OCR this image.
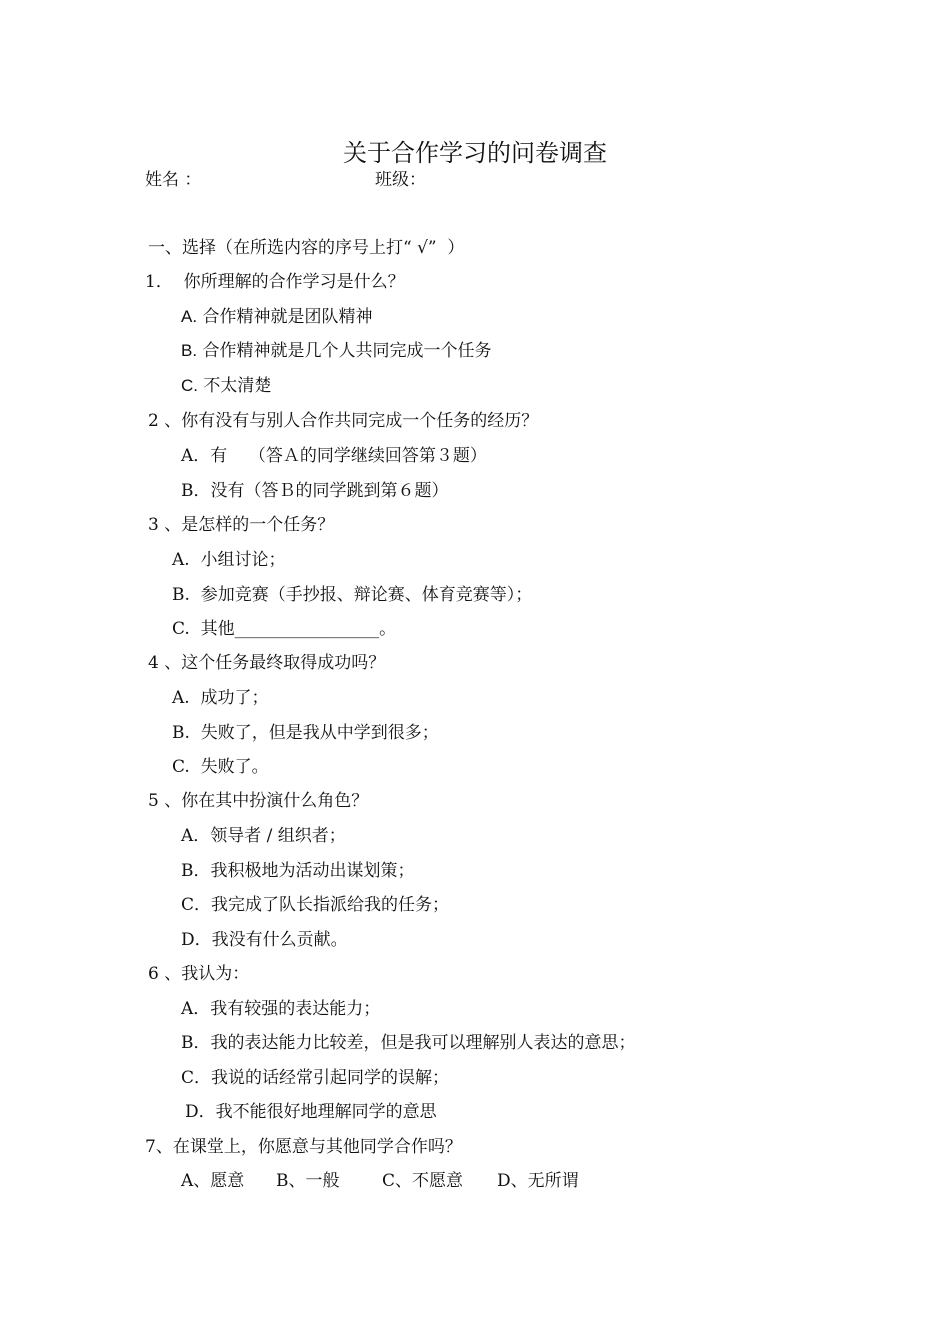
关于合作学习的问卷调查
姓名 ：	班级：
一、选择（在所选内容的序号上打“ √”  ）
1．  你所理解的合作学习是什么？
A. 合作精神就是团队精神
B. 合作精神就是几个人共同完成一个任务
C. 不太清楚
2 、你有没有与别人合作共同完成一个任务的经历？
A．有    （答Ａ的同学继续回答第３题）
B．没有（答Ｂ的同学跳到第６题）
3 、是怎样的一个任务？
A.  小组讨论；
B.  参加竞赛（手抄报、辩论赛、体育竞赛等）；
C.  其他_________________。
4 、这个任务最终取得成功吗？
A.  成功了；
B.  失败了，但是我从中学到很多；
C.  失败了。
5 、你在其中扮演什么角色？
A．领导者 / 组织者；
B．我积极地为活动出谋划策；
C．我完成了队长指派给我的任务；
D．我没有什么贡献。
6 、我认为：
A．我有较强的表达能力；
B．我的表达能力比较差，但是我可以理解别人表达的意思；
C．我说的话经常引起同学的误解；
D．我不能很好地理解同学的意思
7、在课堂上，你愿意与其他同学合作吗？
A、愿意 B、一般	C、不愿意 D、无所谓
